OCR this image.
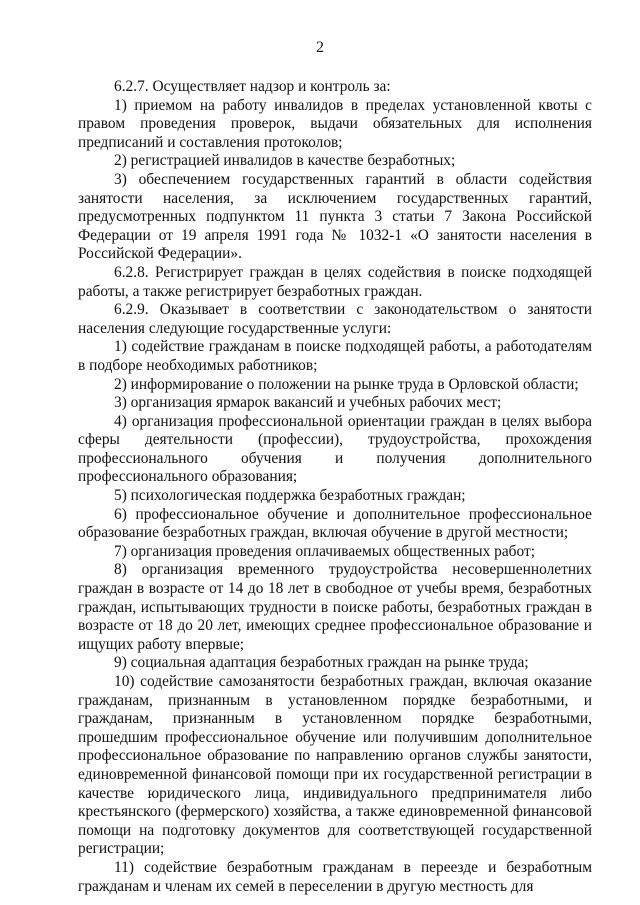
2

6.2.7. Осуществляет надзор и контроль за:

1) приемом на работу инвалидов в пределах установленной квоты с правом проведения проверок, выдачи обязательных для исполнения предписаний и составления протоколов;

2) регистрацией инвалидов в качестве безработных;

3) обеспечением государственных гарантий в области содействия занятости населения, за исключением государственных гарантий, предусмотренных подпунктом 11 пункта 3 статьи 7 Закона Российской Федерации от 19 апреля 1991 года № 1032-1 «О занятости населения в Российской Федерации».

6.2.8. Регистрирует граждан в целях содействия в поиске подходящей работы, а также регистрирует безработных граждан.

6.2.9. Оказывает в соответствии с законодательством о занятости населения следующие государственные услуги:

1) содействие гражданам в поиске подходящей работы, а работодателям в подборе необходимых работников;

2) информирование о положении на рынке труда в Орловской области;

3) организация ярмарок вакансий и учебных рабочих мест;

4) организация профессиональной ориентации граждан в целях выбора сферы деятельности (профессии), трудоустройства, прохождения профессионального обучения и получения дополнительного профессионального образования;

5) психологическая поддержка безработных граждан;

6) профессиональное обучение и дополнительное профессиональное образование безработных граждан, включая обучение в другой местности;

7) организация проведения оплачиваемых общественных работ;

8) организация временного трудоустройства несовершеннолетних граждан в возрасте от 14 до 18 лет в свободное от учебы время, безработных граждан, испытывающих трудности в поиске работы, безработных граждан в возрасте от 18 до 20 лет, имеющих среднее профессиональное образование и ищущих работу впервые;

9) социальная адаптация безработных граждан на рынке труда;

10) содействие самозанятости безработных граждан, включая оказание гражданам, признанным в установленном порядке безработными, и гражданам, признанным в установленном порядке безработными, прошедшим профессиональное обучение или получившим дополнительное профессиональное образование по направлению органов службы занятости, единовременной финансовой помощи при их государственной регистрации в качестве юридического лица, индивидуального предпринимателя либо крестьянского (фермерского) хозяйства, а также единовременной финансовой помощи на подготовку документов для соответствующей государственной регистрации;

11) содействие безработным гражданам в переезде и безработным гражданам и членам их семей в переселении в другую местность для
